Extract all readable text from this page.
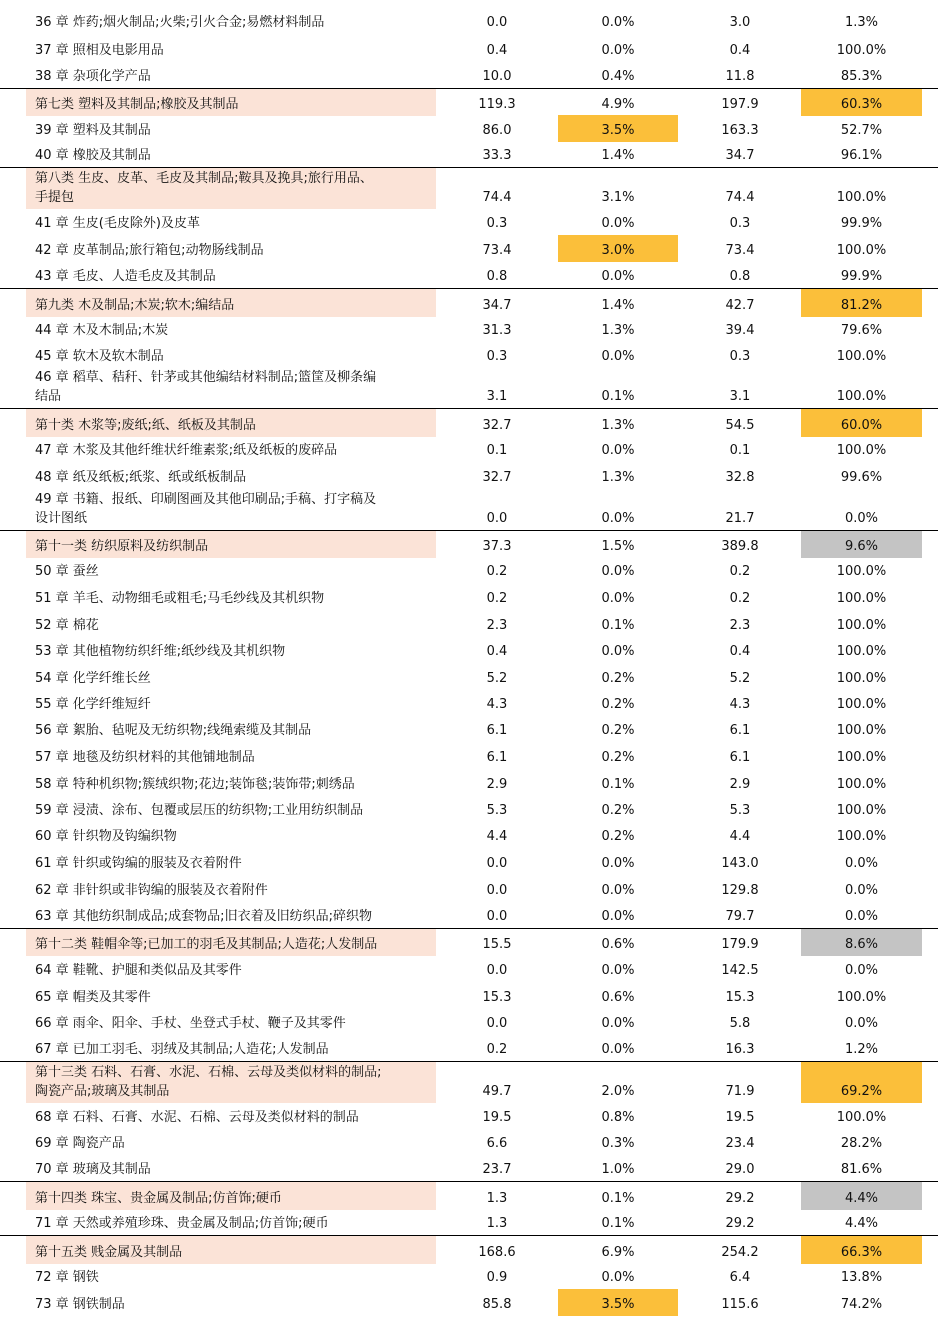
36 章 炸药;烟火制品;火柴;引火合金;易燃材料制品	0.0	0.0%	3.0	1.3%
37 章 照相及电影用品	0.4	0.0%	0.4	100.0%
38 章 杂项化学产品	10.0	0.4%	11.8	85.3%
第七类 塑料及其制品;橡胶及其制品	119.3	4.9%	197.9	60.3%
39 章 塑料及其制品	86.0	3.5%	163.3	52.7%
40 章 橡胶及其制品	33.3	1.4%	34.7	96.1%
第八类 生皮、皮革、毛皮及其制品;鞍具及挽具;旅行用品、
手提包	74.4	3.1%	74.4	100.0%
41 章 生皮(毛皮除外)及皮革	0.3	0.0%	0.3	99.9%
42 章 皮革制品;旅行箱包;动物肠线制品	73.4	3.0%	73.4	100.0%
43 章 毛皮、人造毛皮及其制品	0.8	0.0%	0.8	99.9%
第九类 木及制品;木炭;软木;编结品	34.7	1.4%	42.7	81.2%
44 章 木及木制品;木炭	31.3	1.3%	39.4	79.6%
45 章 软木及软木制品	0.3	0.0%	0.3	100.0%
46 章 稻草、秸秆、针茅或其他编结材料制品;篮筐及柳条编
结品	3.1	0.1%	3.1	100.0%
第十类 木浆等;废纸;纸、纸板及其制品	32.7	1.3%	54.5	60.0%
47 章 木浆及其他纤维状纤维素浆;纸及纸板的废碎品	0.1	0.0%	0.1	100.0%
48 章 纸及纸板;纸浆、纸或纸板制品	32.7	1.3%	32.8	99.6%
49 章 书籍、报纸、印刷图画及其他印刷品;手稿、打字稿及
设计图纸	0.0	0.0%	21.7	0.0%
第十一类 纺织原料及纺织制品	37.3	1.5%	389.8	9.6%
50 章 蚕丝	0.2	0.0%	0.2	100.0%
51 章 羊毛、动物细毛或粗毛;马毛纱线及其机织物	0.2	0.0%	0.2	100.0%
52 章 棉花	2.3	0.1%	2.3	100.0%
53 章 其他植物纺织纤维;纸纱线及其机织物	0.4	0.0%	0.4	100.0%
54 章 化学纤维长丝	5.2	0.2%	5.2	100.0%
55 章 化学纤维短纤	4.3	0.2%	4.3	100.0%
56 章 絮胎、毡呢及无纺织物;线绳索缆及其制品	6.1	0.2%	6.1	100.0%
57 章 地毯及纺织材料的其他铺地制品	6.1	0.2%	6.1	100.0%
58 章 特种机织物;簇绒织物;花边;装饰毯;装饰带;刺绣品	2.9	0.1%	2.9	100.0%
59 章 浸渍、涂布、包覆或层压的纺织物;工业用纺织制品	5.3	0.2%	5.3	100.0%
60 章 针织物及钩编织物	4.4	0.2%	4.4	100.0%
61 章 针织或钩编的服装及衣着附件	0.0	0.0%	143.0	0.0%
62 章 非针织或非钩编的服装及衣着附件	0.0	0.0%	129.8	0.0%
63 章 其他纺织制成品;成套物品;旧衣着及旧纺织品;碎织物	0.0	0.0%	79.7	0.0%
第十二类 鞋帽伞等;已加工的羽毛及其制品;人造花;人发制品	15.5	0.6%	179.9	8.6%
64 章 鞋靴、护腿和类似品及其零件	0.0	0.0%	142.5	0.0%
65 章 帽类及其零件	15.3	0.6%	15.3	100.0%
66 章 雨伞、阳伞、手杖、坐登式手杖、鞭子及其零件	0.0	0.0%	5.8	0.0%
67 章 已加工羽毛、羽绒及其制品;人造花;人发制品	0.2	0.0%	16.3	1.2%
第十三类 石料、石膏、水泥、石棉、云母及类似材料的制品;
陶瓷产品;玻璃及其制品	49.7	2.0%	71.9	69.2%
68 章 石料、石膏、水泥、石棉、云母及类似材料的制品	19.5	0.8%	19.5	100.0%
69 章 陶瓷产品	6.6	0.3%	23.4	28.2%
70 章 玻璃及其制品	23.7	1.0%	29.0	81.6%
第十四类 珠宝、贵金属及制品;仿首饰;硬币	1.3	0.1%	29.2	4.4%
71 章 天然或养殖珍珠、贵金属及制品;仿首饰;硬币	1.3	0.1%	29.2	4.4%
第十五类 贱金属及其制品	168.6	6.9%	254.2	66.3%
72 章 钢铁	0.9	0.0%	6.4	13.8%
73 章 钢铁制品	85.8	3.5%	115.6	74.2%
